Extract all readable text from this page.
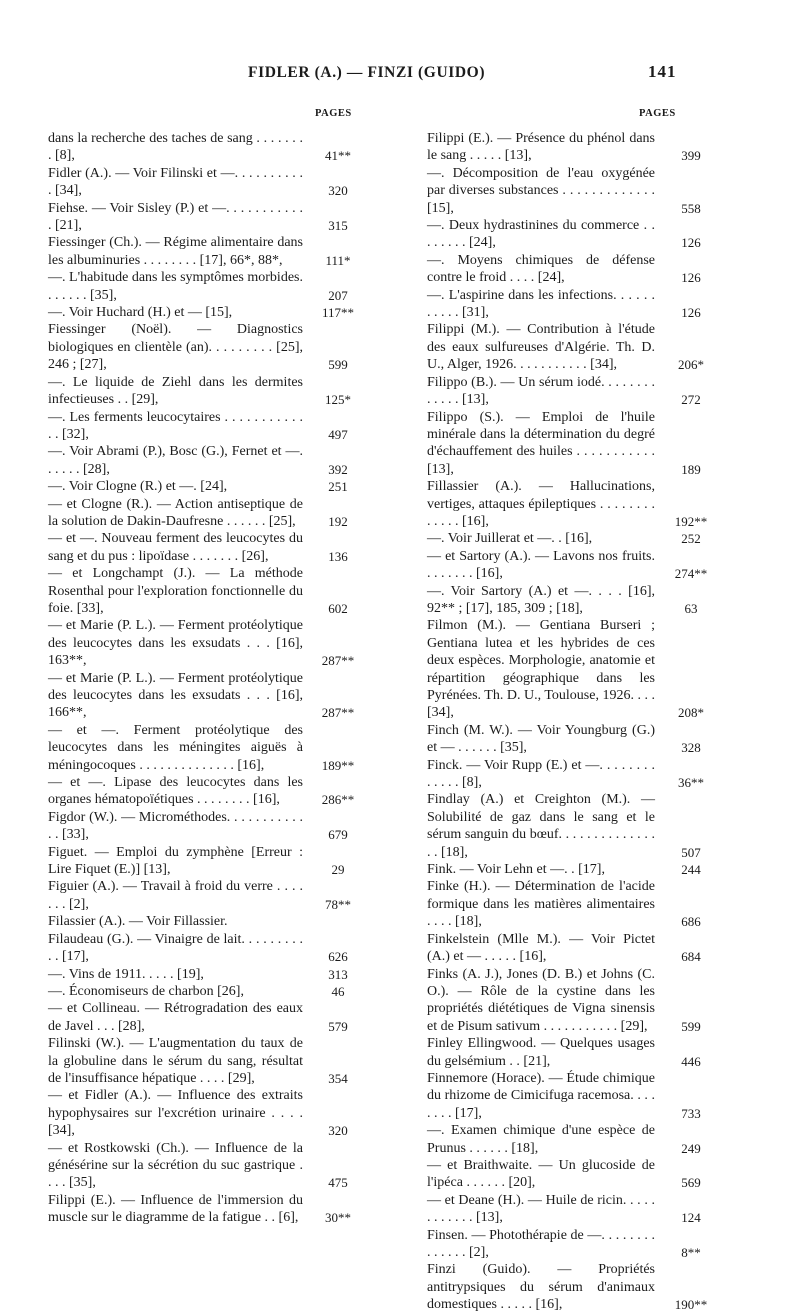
FIDLER (A.) — FINZI (GUIDO)	141
PAGES
dans la recherche des taches de sang . . . . . . . . [8],	41**
Fidler (A.). — Voir Filinski et —. . . . . . . . . . . [34],	320
Fiehse. — Voir Sisley (P.) et —. . . . . . . . . . . . [21],	315
Fiessinger (Ch.). — Régime alimentaire dans les albuminuries . . . . . . . . [17], 66*, 88*,	111*
—. L'habitude dans les symptômes morbides. . . . . . . [35],	207
—. Voir Huchard (H.) et — [15],	117**
Fiessinger (Noël). — Diagnostics biologiques en clientèle (an). . . . . . . . . [25], 246 ; [27],	599
—. Le liquide de Ziehl dans les dermites infectieuses . . [29],	125*
—. Les ferments leucocytaires . . . . . . . . . . . . . [32],	497
—. Voir Abrami (P.), Bosc (G.), Fernet et —. . . . . . [28],	392
—. Voir Clogne (R.) et —. [24],	251
— et Clogne (R.). — Action antiseptique de la solution de Dakin-Daufresne . . . . . . [25],	192
— et —. Nouveau ferment des leucocytes du sang et du pus : lipoïdase . . . . . . . [26],	136
— et Longchampt (J.). — La méthode Rosenthal pour l'exploration fonctionnelle du foie. [33],	602
— et Marie (P. L.). — Ferment protéolytique des leucocytes dans les exsudats . . . [16], 163**,	287**
— et Marie (P. L.). — Ferment protéolytique des leucocytes dans les exsudats . . . [16], 166**,	287**
— et —. Ferment protéolytique des leucocytes dans les méningites aiguës à méningocoques . . . . . . . . . . . . . . [16],	189**
— et —. Lipase des leucocytes dans les organes hématopoïétiques . . . . . . . . [16],	286**
Figdor (W.). — Microméthodes. . . . . . . . . . . . . [33],	679
Figuet. — Emploi du zymphène [Erreur : Lire Fiquet (E.)] [13],	29
Figuier (A.). — Travail à froid du verre . . . . . . . [2],	78**
Filassier (A.). — Voir Fillassier.
Filaudeau (G.). — Vinaigre de lait. . . . . . . . . . . [17],	626
—. Vins de 1911. . . . . [19],	313
—. Économiseurs de charbon [26],	46
— et Collineau. — Rétrogradation des eaux de Javel . . . [28],	579
Filinski (W.). — L'augmentation du taux de la globuline dans le sérum du sang, résultat de l'insuffisance hépatique . . . . [29],	354
— et Fidler (A.). — Influence des extraits hypophysaires sur l'excrétion urinaire . . . . [34],	320
— et Rostkowski (Ch.). — Influence de la génésérine sur la sécrétion du suc gastrique . . . . [35],	475
Filippi (E.). — Influence de l'immersion du muscle sur le diagramme de la fatigue . . [6],	30**
PAGES
Filippi (E.). — Présence du phénol dans le sang . . . . . [13],	399
—. Décomposition de l'eau oxygénée par diverses substances . . . . . . . . . . . . . [15],	558
—. Deux hydrastinines du commerce . . . . . . . . [24],	126
—. Moyens chimiques de défense contre le froid . . . . [24],	126
—. L'aspirine dans les infections. . . . . . . . . . . [31],	126
Filippi (M.). — Contribution à l'étude des eaux sulfureuses d'Algérie. Th. D. U., Alger, 1926. . . . . . . . . . . [34],	206*
Filippo (B.). — Un sérum iodé. . . . . . . . . . . . . [13],	272
Filippo (S.). — Emploi de l'huile minérale dans la détermination du degré d'échauffement des huiles . . . . . . . . . . . [13],	189
Fillassier (A.). — Hallucinations, vertiges, attaques épileptiques . . . . . . . . . . . . . [16],	192**
—. Voir Juillerat et —. . [16],	252
— et Sartory (A.). — Lavons nos fruits. . . . . . . . [16],	274**
—. Voir Sartory (A.) et —. . . . [16], 92** ; [17], 185, 309 ; [18],	63
Filmon (M.). — Gentiana Burseri ; Gentiana lutea et les hybrides de ces deux espèces. Morphologie, anatomie et répartition géographique dans les Pyrénées. Th. D. U., Toulouse, 1926. . . . [34],	208*
Finch (M. W.). — Voir Youngburg (G.) et — . . . . . . [35],	328
Finck. — Voir Rupp (E.) et —. . . . . . . . . . . . . [8],	36**
Findlay (A.) et Creighton (M.). — Solubilité de gaz dans le sang et le sérum sanguin du bœuf. . . . . . . . . . . . . . . . [18],	507
Fink. — Voir Lehn et —. . [17],	244
Finke (H.). — Détermination de l'acide formique dans les matières alimentaires . . . . [18],	686
Finkelstein (Mlle M.). — Voir Pictet (A.) et — . . . . . [16],	684
Finks (A. J.), Jones (D. B.) et Johns (C. O.). — Rôle de la cystine dans les propriétés diététiques de Vigna sinensis et de Pisum sativum . . . . . . . . . . . [29],	599
Finley Ellingwood. — Quelques usages du gelsémium . . [21],	446
Finnemore (Horace). — Étude chimique du rhizome de Cimicifuga racemosa. . . . . . . . [17],	733
—. Examen chimique d'une espèce de Prunus . . . . . . [18],	249
— et Braithwaite. — Un glucoside de l'ipéca . . . . . . [20],	569
— et Deane (H.). — Huile de ricin. . . . . . . . . . . . [13],	124
Finsen. — Photothérapie de —. . . . . . . . . . . . . . [2],	8**
Finzi (Guido). — Propriétés antitrypsiques du sérum d'animaux domestiques . . . . . [16],	190**
